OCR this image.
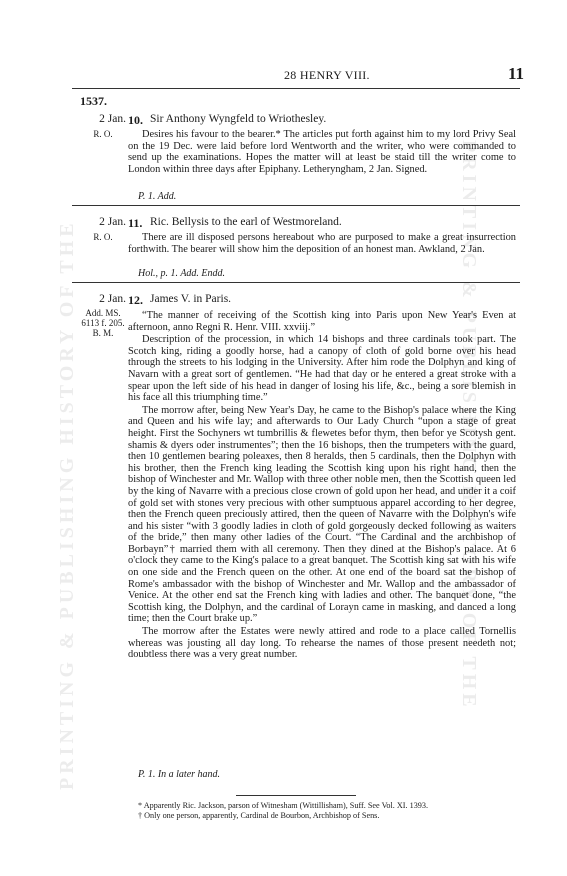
28 HENRY VIII.	11
PRINTING & PUBLISHING HISTORY OF THE
PRINTING & PUBLISHING HISTORY OF THE
1537.
2 Jan.
R. O.
10. Sir Anthony Wyngfeld to Wriothesley.

Desires his favour to the bearer.* The articles put forth against him to my lord Privy Seal on the 19 Dec. were laid before lord Wentworth and the writer, who were commanded to send up the examinations. Hopes the matter will at least be staid till the writer come to London within three days after Epiphany. Letheryngham, 2 Jan. Signed.

P. 1. Add.
2 Jan.
R. O.
11. Ric. Bellysis to the earl of Westmoreland.

There are ill disposed persons hereabout who are purposed to make a great insurrection forthwith. The bearer will show him the deposition of an honest man. Awkland, 2 Jan.

Hol., p. 1. Add. Endd.
2 Jan.
Add. MS.
6113 f. 205.
B. M.
12. James V. in Paris.

“The manner of receiving of the Scottish king into Paris upon New Year's Even at afternoon, anno Regni R. Henr. VIII. xxviij.”

Description of the procession, in which 14 bishops and three cardinals took part. The Scotch king, riding a goodly horse, had a canopy of cloth of gold borne over his head through the streets to his lodging in the University. After him rode the Dolphyn and king of Navarn with a great sort of gentlemen. “He had that day or he entered a great stroke with a spear upon the left side of his head in danger of losing his life, &c., being a sore blemish in his face all this triumphing time.”

The morrow after, being New Year's Day, he came to the Bishop's palace where the King and Queen and his wife lay; and afterwards to Our Lady Church “upon a stage of great height. First the Sochyners wt tumbrillis & flewetes befor thym, then befor ye Scotysh gent. shamis & dyers oder instrumentes”; then the 16 bishops, then the trumpeters with the guard, then 10 gentlemen bearing poleaxes, then 8 heralds, then 5 cardinals, then the Dolphyn with his brother, then the French king leading the Scottish king upon his right hand, then the bishop of Winchester and Mr. Wallop with three other noble men, then the Scottish queen led by the king of Navarre with a precious close crown of gold upon her head, and under it a coif of gold set with stones very precious with other sumptuous apparel according to her degree, then the French queen preciously attired, then the queen of Navarre with the Dolphyn's wife and his sister “with 3 goodly ladies in cloth of gold gorgeously decked following as waiters of the bride,” then many other ladies of the Court. “The Cardinal and the archbishop of Borbayn”† married them with all ceremony. Then they dined at the Bishop's palace. At 6 o'clock they came to the King's palace to a great banquet. The Scottish king sat with his wife on one side and the French queen on the other. At one end of the board sat the bishop of Rome's ambassador with the bishop of Winchester and Mr. Wallop and the ambassador of Venice. At the other end sat the French king with ladies and other. The banquet done, “the Scottish king, the Dolphyn, and the cardinal of Lorayn came in masking, and danced a long time; then the Court brake up.”

The morrow after the Estates were newly attired and rode to a place called Tornellis whereas was jousting all day long. To rehearse the names of those present needeth not; doubtless there was a very great number.

P. 1. In a later hand.

* Apparently Ric. Jackson, parson of Witnesham (Wittillisham), Suff. See Vol. XI. 1393.

† Only one person, apparently, Cardinal de Bourbon, Archbishop of Sens.
